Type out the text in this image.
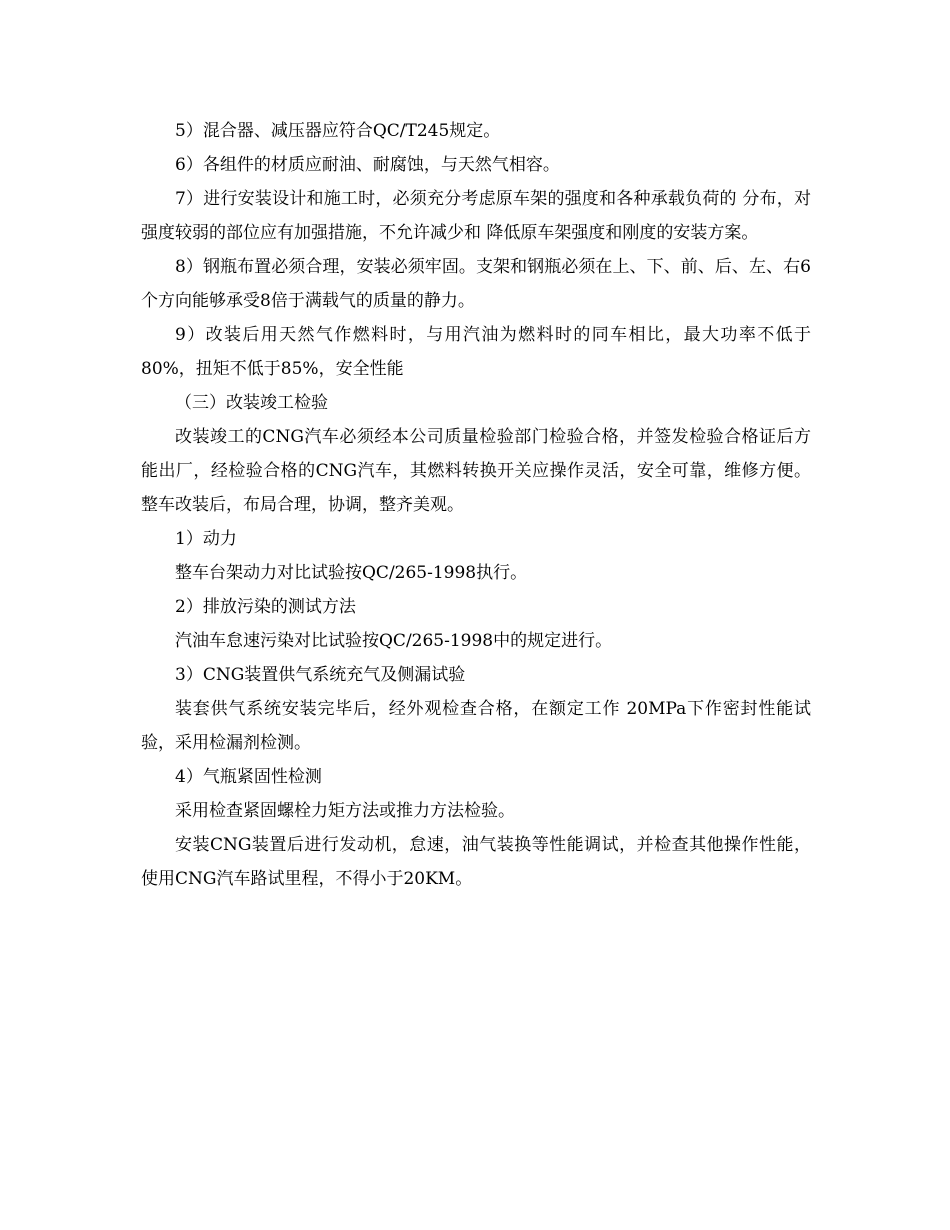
5）混合器、减压器应符合QC/T245规定。

6）各组件的材质应耐油、耐腐蚀，与天然气相容。

7）进行安装设计和施工时，必须充分考虑原车架的强度和各种承载负荷的 分布，对强度较弱的部位应有加强措施，不允许减少和 降低原车架强度和刚度的安装方案。

8）钢瓶布置必须合理，安装必须牢固。支架和钢瓶必须在上、下、前、后、左、右6个方向能够承受8倍于满载气的质量的静力。

9）改装后用天然气作燃料时，与用汽油为燃料时的同车相比，最大功率不低于80%，扭矩不低于85%，安全性能

（三）改装竣工检验

改装竣工的CNG汽车必须经本公司质量检验部门检验合格，并签发检验合格证后方能出厂，经检验合格的CNG汽车，其燃料转换开关应操作灵活，安全可靠，维修方便。整车改装后，布局合理，协调，整齐美观。

1）动力

整车台架动力对比试验按QC/265-1998执行。

2）排放污染的测试方法

汽油车怠速污染对比试验按QC/265-1998中的规定进行。

3）CNG装置供气系统充气及侧漏试验

装套供气系统安装完毕后，经外观检查合格，在额定工作 20MPa下作密封性能试验，采用检漏剂检测。

4）气瓶紧固性检测

采用检查紧固螺栓力矩方法或推力方法检验。

安装CNG装置后进行发动机，怠速，油气装换等性能调试，并检查其他操作性能，使用CNG汽车路试里程，不得小于20KM。
